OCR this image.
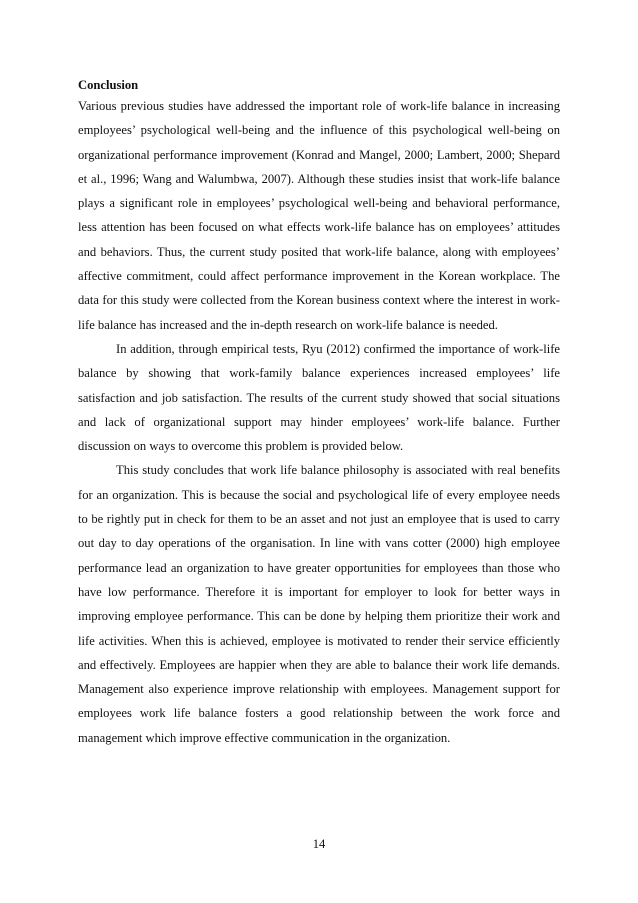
Conclusion

Various previous studies have addressed the important role of work-life balance in increasing employees’ psychological well-being and the influence of this psychological well-being on organizational performance improvement (Konrad and Mangel, 2000; Lambert, 2000; Shepard et al., 1996; Wang and Walumbwa, 2007). Although these studies insist that work-life balance plays a significant role in employees’ psychological well-being and behavioral performance, less attention has been focused on what effects work-life balance has on employees’ attitudes and behaviors. Thus, the current study posited that work-life balance, along with employees’ affective commitment, could affect performance improvement in the Korean workplace. The data for this study were collected from the Korean business context where the interest in work-life balance has increased and the in-depth research on work-life balance is needed.

In addition, through empirical tests, Ryu (2012) confirmed the importance of work-life balance by showing that work-family balance experiences increased employees’ life satisfaction and job satisfaction. The results of the current study showed that social situations and lack of organizational support may hinder employees’ work-life balance. Further discussion on ways to overcome this problem is provided below.

This study concludes that work life balance philosophy is associated with real benefits for an organization. This is because the social and psychological life of every employee needs to be rightly put in check for them to be an asset and not just an employee that is used to carry out day to day operations of the organisation. In line with vans cotter (2000) high employee performance lead an organization to have greater opportunities for employees than those who have low performance. Therefore it is important for employer to look for better ways in improving employee performance. This can be done by helping them prioritize their work and life activities. When this is achieved, employee is motivated to render their service efficiently and effectively. Employees are happier when they are able to balance their work life demands. Management also experience improve relationship with employees. Management support for employees work life balance fosters a good relationship between the work force and management which improve effective communication in the organization.

14
